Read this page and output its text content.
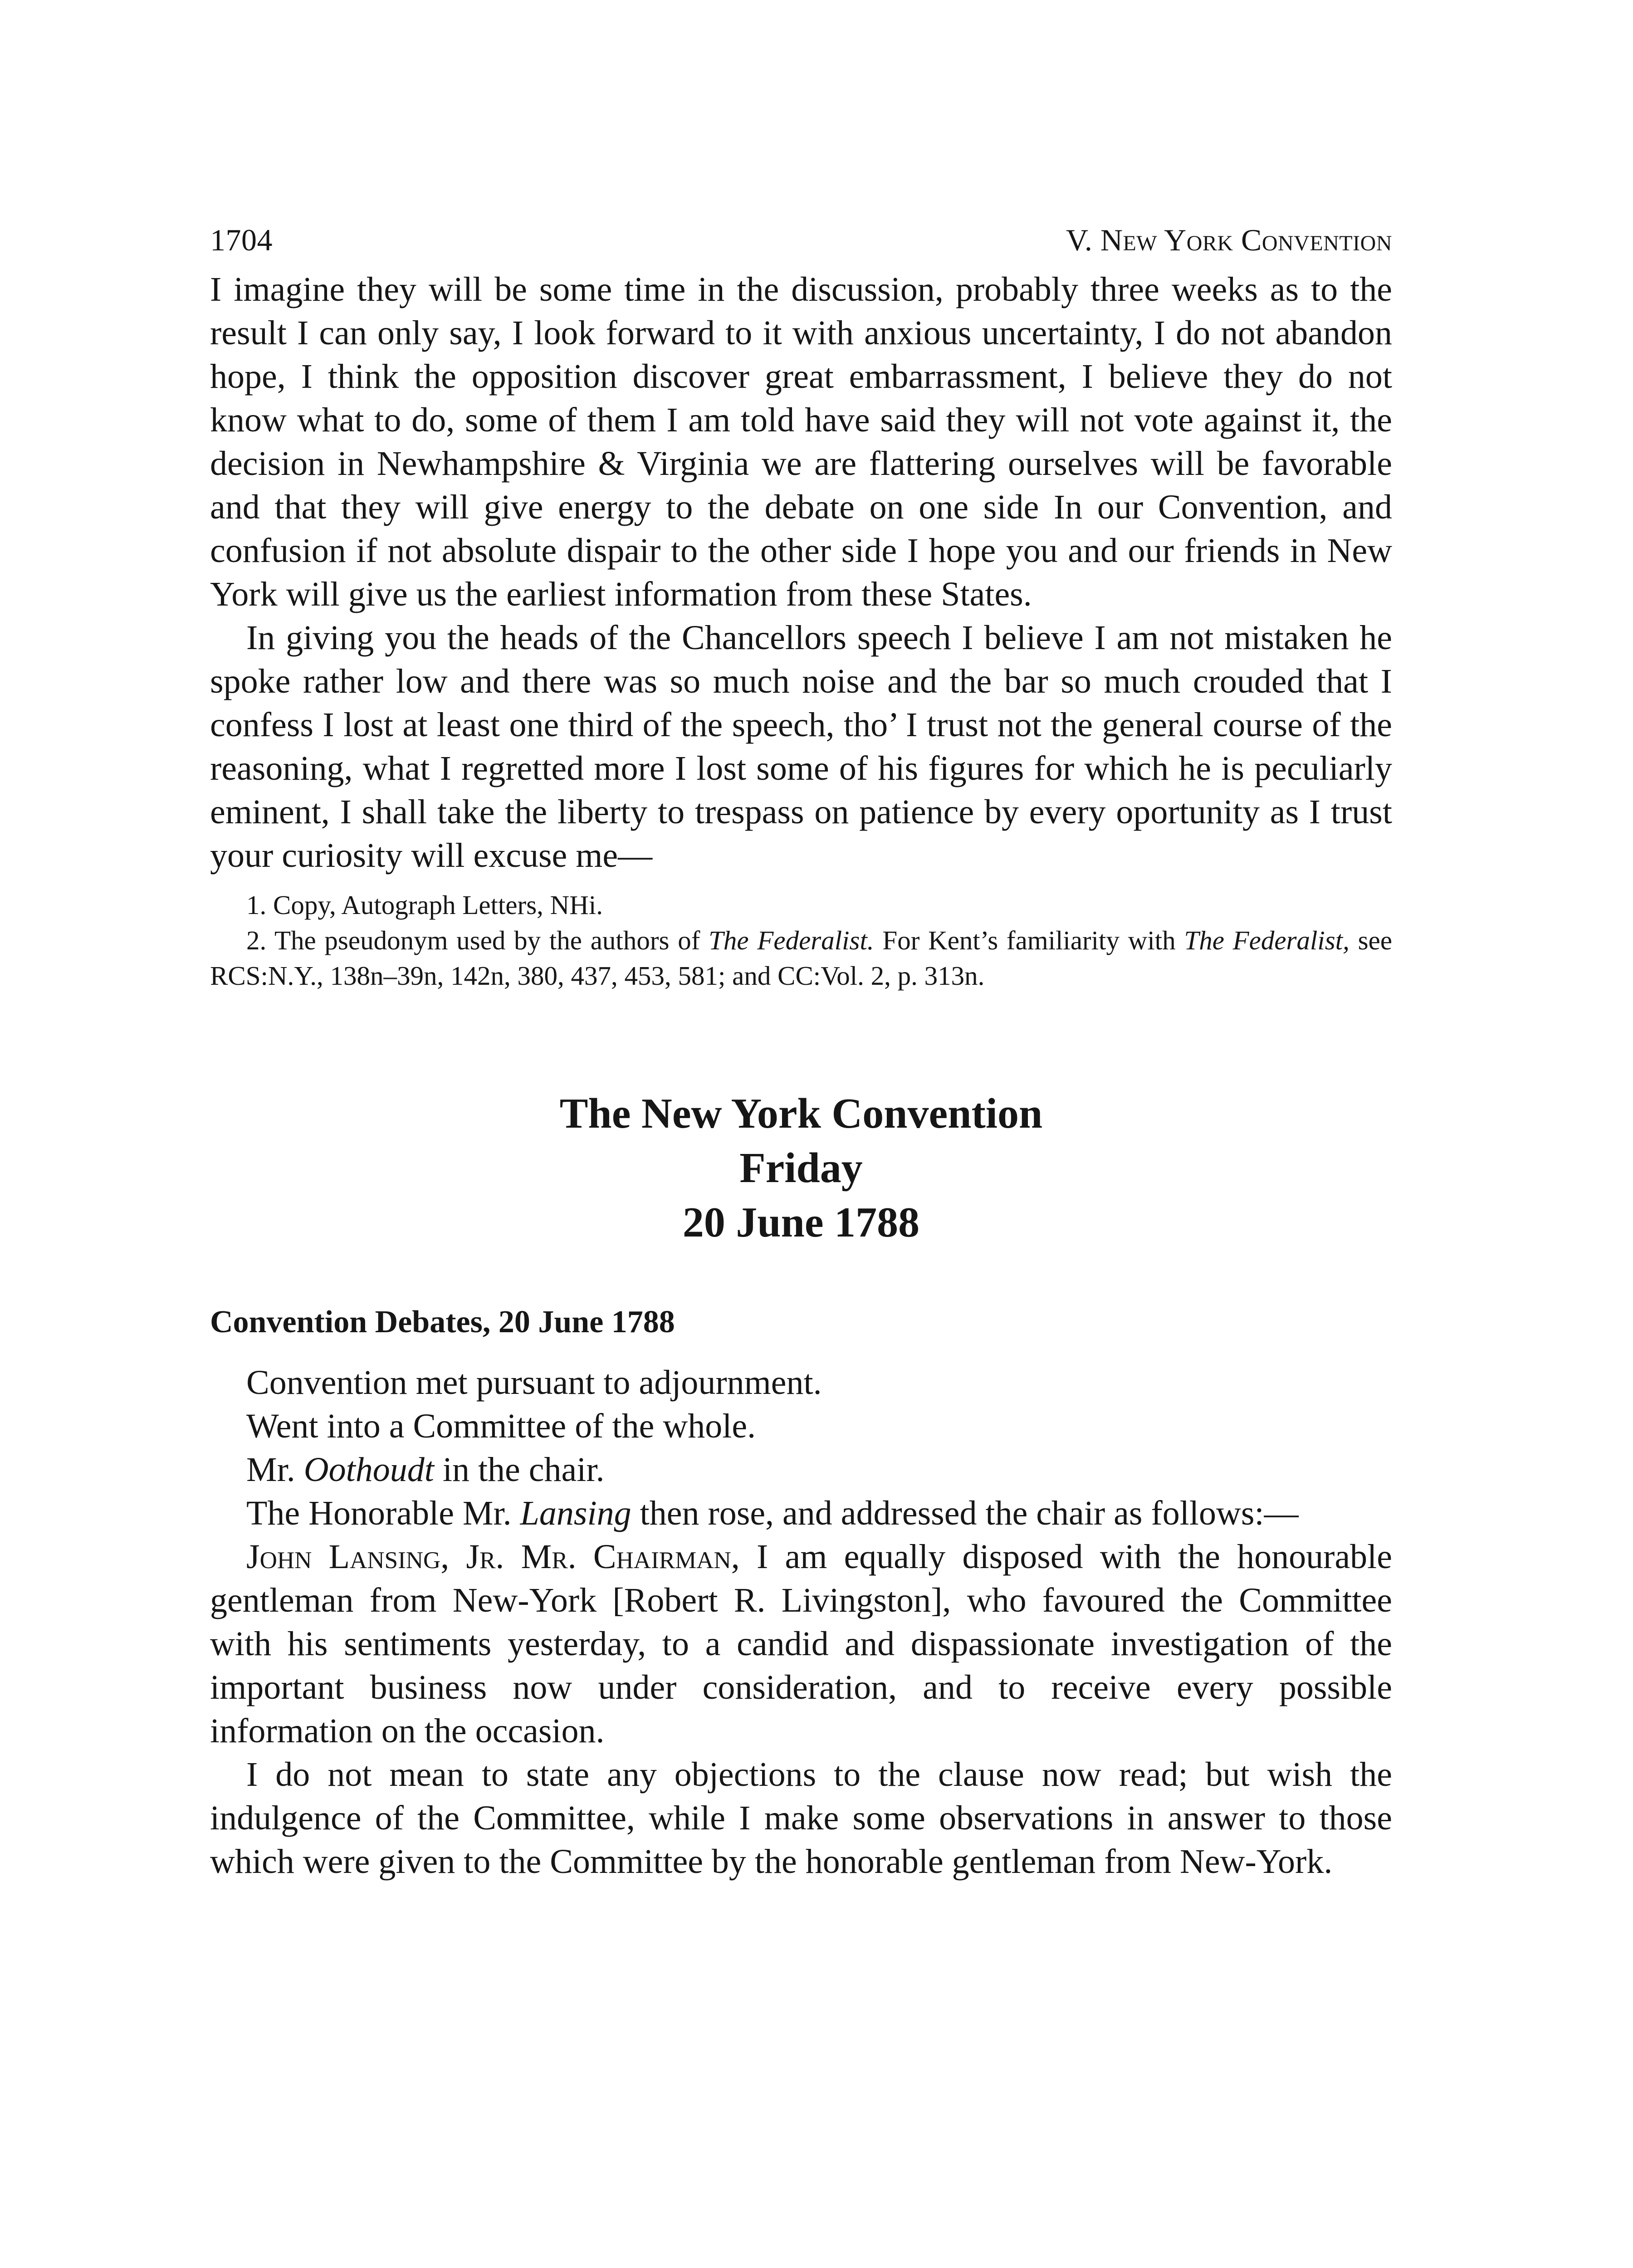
1704	V. New York Convention

I imagine they will be some time in the discussion, probably three weeks as to the result I can only say, I look forward to it with anxious uncertainty, I do not abandon hope, I think the opposition discover great embarrassment, I believe they do not know what to do, some of them I am told have said they will not vote against it, the decision in Newhampshire & Virginia we are flattering ourselves will be favorable and that they will give energy to the debate on one side In our Convention, and confusion if not absolute dispair to the other side I hope you and our friends in New York will give us the earliest information from these States.

In giving you the heads of the Chancellors speech I believe I am not mistaken he spoke rather low and there was so much noise and the bar so much crouded that I confess I lost at least one third of the speech, tho’ I trust not the general course of the reasoning, what I regretted more I lost some of his figures for which he is peculiarly eminent, I shall take the liberty to trespass on patience by every oportunity as I trust your curiosity will excuse me—

1. Copy, Autograph Letters, NHi.

2. The pseudonym used by the authors of The Federalist. For Kent’s familiarity with The Federalist, see RCS:N.Y., 138n–39n, 142n, 380, 437, 453, 581; and CC:Vol. 2, p. 313n.

The New York Convention
Friday
20 June 1788
Convention Debates, 20 June 1788

Convention met pursuant to adjournment.

Went into a Committee of the whole.

Mr. Oothoudt in the chair.

The Honorable Mr. Lansing then rose, and addressed the chair as follows:—

John Lansing, Jr. Mr. Chairman, I am equally disposed with the honourable gentleman from New-York [Robert R. Livingston], who favoured the Committee with his sentiments yesterday, to a candid and dispassionate investigation of the important business now under consideration, and to receive every possible information on the occasion.

I do not mean to state any objections to the clause now read; but wish the indulgence of the Committee, while I make some observations in answer to those which were given to the Committee by the honorable gentleman from New-York.
